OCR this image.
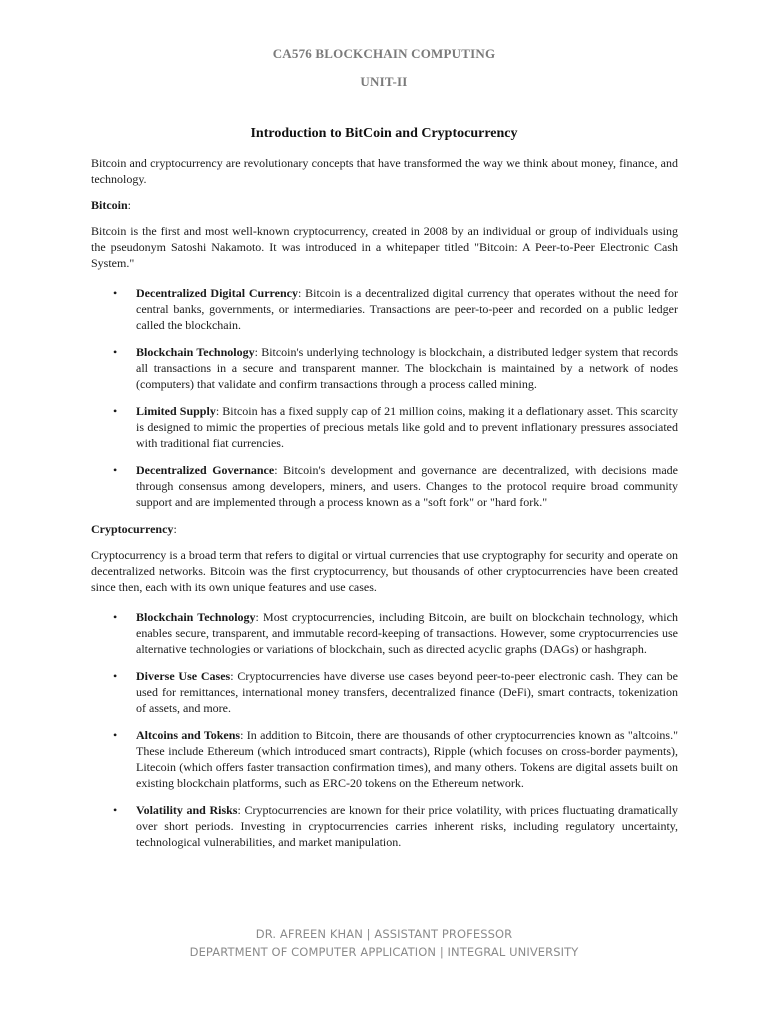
CA576 BLOCKCHAIN COMPUTING
UNIT-II
Introduction to BitCoin and Cryptocurrency

Bitcoin and cryptocurrency are revolutionary concepts that have transformed the way we think about money, finance, and technology.

Bitcoin:

Bitcoin is the first and most well-known cryptocurrency, created in 2008 by an individual or group of individuals using the pseudonym Satoshi Nakamoto. It was introduced in a whitepaper titled "Bitcoin: A Peer-to-Peer Electronic Cash System."

• Decentralized Digital Currency: Bitcoin is a decentralized digital currency that operates without the need for central banks, governments, or intermediaries. Transactions are peer-to-peer and recorded on a public ledger called the blockchain.
• Blockchain Technology: Bitcoin's underlying technology is blockchain, a distributed ledger system that records all transactions in a secure and transparent manner. The blockchain is maintained by a network of nodes (computers) that validate and confirm transactions through a process called mining.
• Limited Supply: Bitcoin has a fixed supply cap of 21 million coins, making it a deflationary asset. This scarcity is designed to mimic the properties of precious metals like gold and to prevent inflationary pressures associated with traditional fiat currencies.
• Decentralized Governance: Bitcoin's development and governance are decentralized, with decisions made through consensus among developers, miners, and users. Changes to the protocol require broad community support and are implemented through a process known as a "soft fork" or "hard fork."

Cryptocurrency:

Cryptocurrency is a broad term that refers to digital or virtual currencies that use cryptography for security and operate on decentralized networks. Bitcoin was the first cryptocurrency, but thousands of other cryptocurrencies have been created since then, each with its own unique features and use cases.

• Blockchain Technology: Most cryptocurrencies, including Bitcoin, are built on blockchain technology, which enables secure, transparent, and immutable record-keeping of transactions. However, some cryptocurrencies use alternative technologies or variations of blockchain, such as directed acyclic graphs (DAGs) or hashgraph.
• Diverse Use Cases: Cryptocurrencies have diverse use cases beyond peer-to-peer electronic cash. They can be used for remittances, international money transfers, decentralized finance (DeFi), smart contracts, tokenization of assets, and more.
• Altcoins and Tokens: In addition to Bitcoin, there are thousands of other cryptocurrencies known as "altcoins." These include Ethereum (which introduced smart contracts), Ripple (which focuses on cross-border payments), Litecoin (which offers faster transaction confirmation times), and many others. Tokens are digital assets built on existing blockchain platforms, such as ERC-20 tokens on the Ethereum network.
• Volatility and Risks: Cryptocurrencies are known for their price volatility, with prices fluctuating dramatically over short periods. Investing in cryptocurrencies carries inherent risks, including regulatory uncertainty, technological vulnerabilities, and market manipulation.
DR. AFREEN KHAN | ASSISTANT PROFESSOR
DEPARTMENT OF COMPUTER APPLICATION | INTEGRAL UNIVERSITY
